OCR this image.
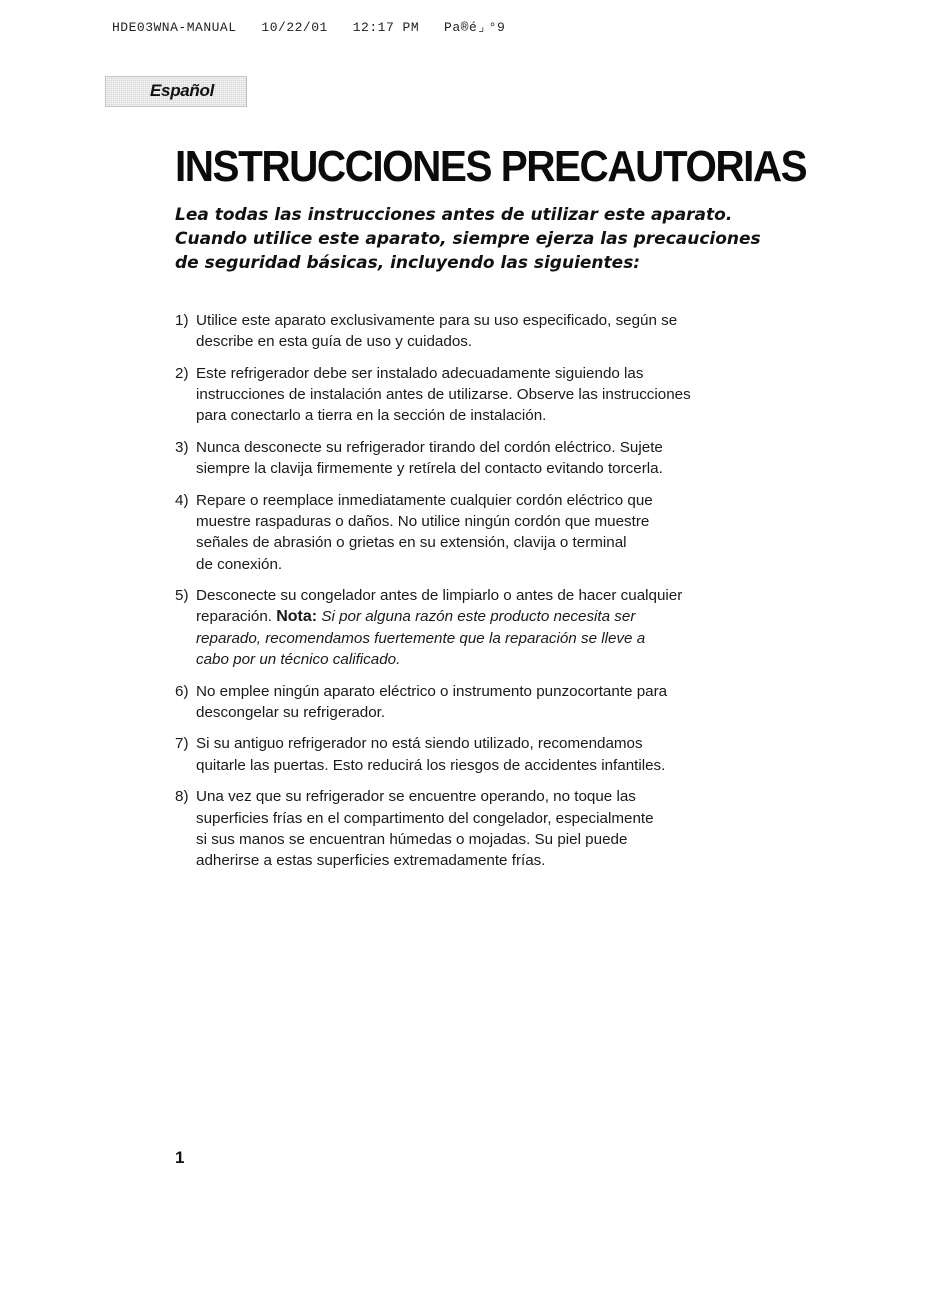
HDE03WNA-MANUAL   10/22/01   12:17 PM   Pa®é⌟ °9
Español
INSTRUCCIONES PRECAUTORIAS
Lea todas las instrucciones antes de utilizar este aparato.
Cuando utilice este aparato, siempre ejerza las precauciones
de seguridad básicas, incluyendo las siguientes:
1) Utilice este aparato exclusivamente para su uso especificado, según se
describe en esta guía de uso y cuidados.
2) Este refrigerador debe ser instalado adecuadamente siguiendo las
instrucciones de instalación antes de utilizarse. Observe las instrucciones
para conectarlo a tierra en la sección de instalación.
3) Nunca desconecte su refrigerador tirando del cordón eléctrico. Sujete
siempre la clavija firmemente y retírela del contacto evitando torcerla.
4) Repare o reemplace inmediatamente cualquier cordón eléctrico que
muestre raspaduras o daños. No utilice ningún cordón que muestre
señales de abrasión o grietas en su extensión, clavija o terminal
de conexión.
5) Desconecte su congelador antes de limpiarlo o antes de hacer cualquier
reparación. Nota: Si por alguna razón este producto necesita ser
reparado, recomendamos fuertemente que la reparación se lleve a
cabo por un técnico calificado.
6) No emplee ningún aparato eléctrico o instrumento punzocortante para
descongelar su refrigerador.
7) Si su antiguo refrigerador no está siendo utilizado, recomendamos
quitarle las puertas. Esto reducirá los riesgos de accidentes infantiles.
8) Una vez que su refrigerador se encuentre operando, no toque las
superficies frías en el compartimento del congelador, especialmente
si sus manos se encuentran húmedas o mojadas. Su piel puede
adherirse a estas superficies extremadamente frías.
1
